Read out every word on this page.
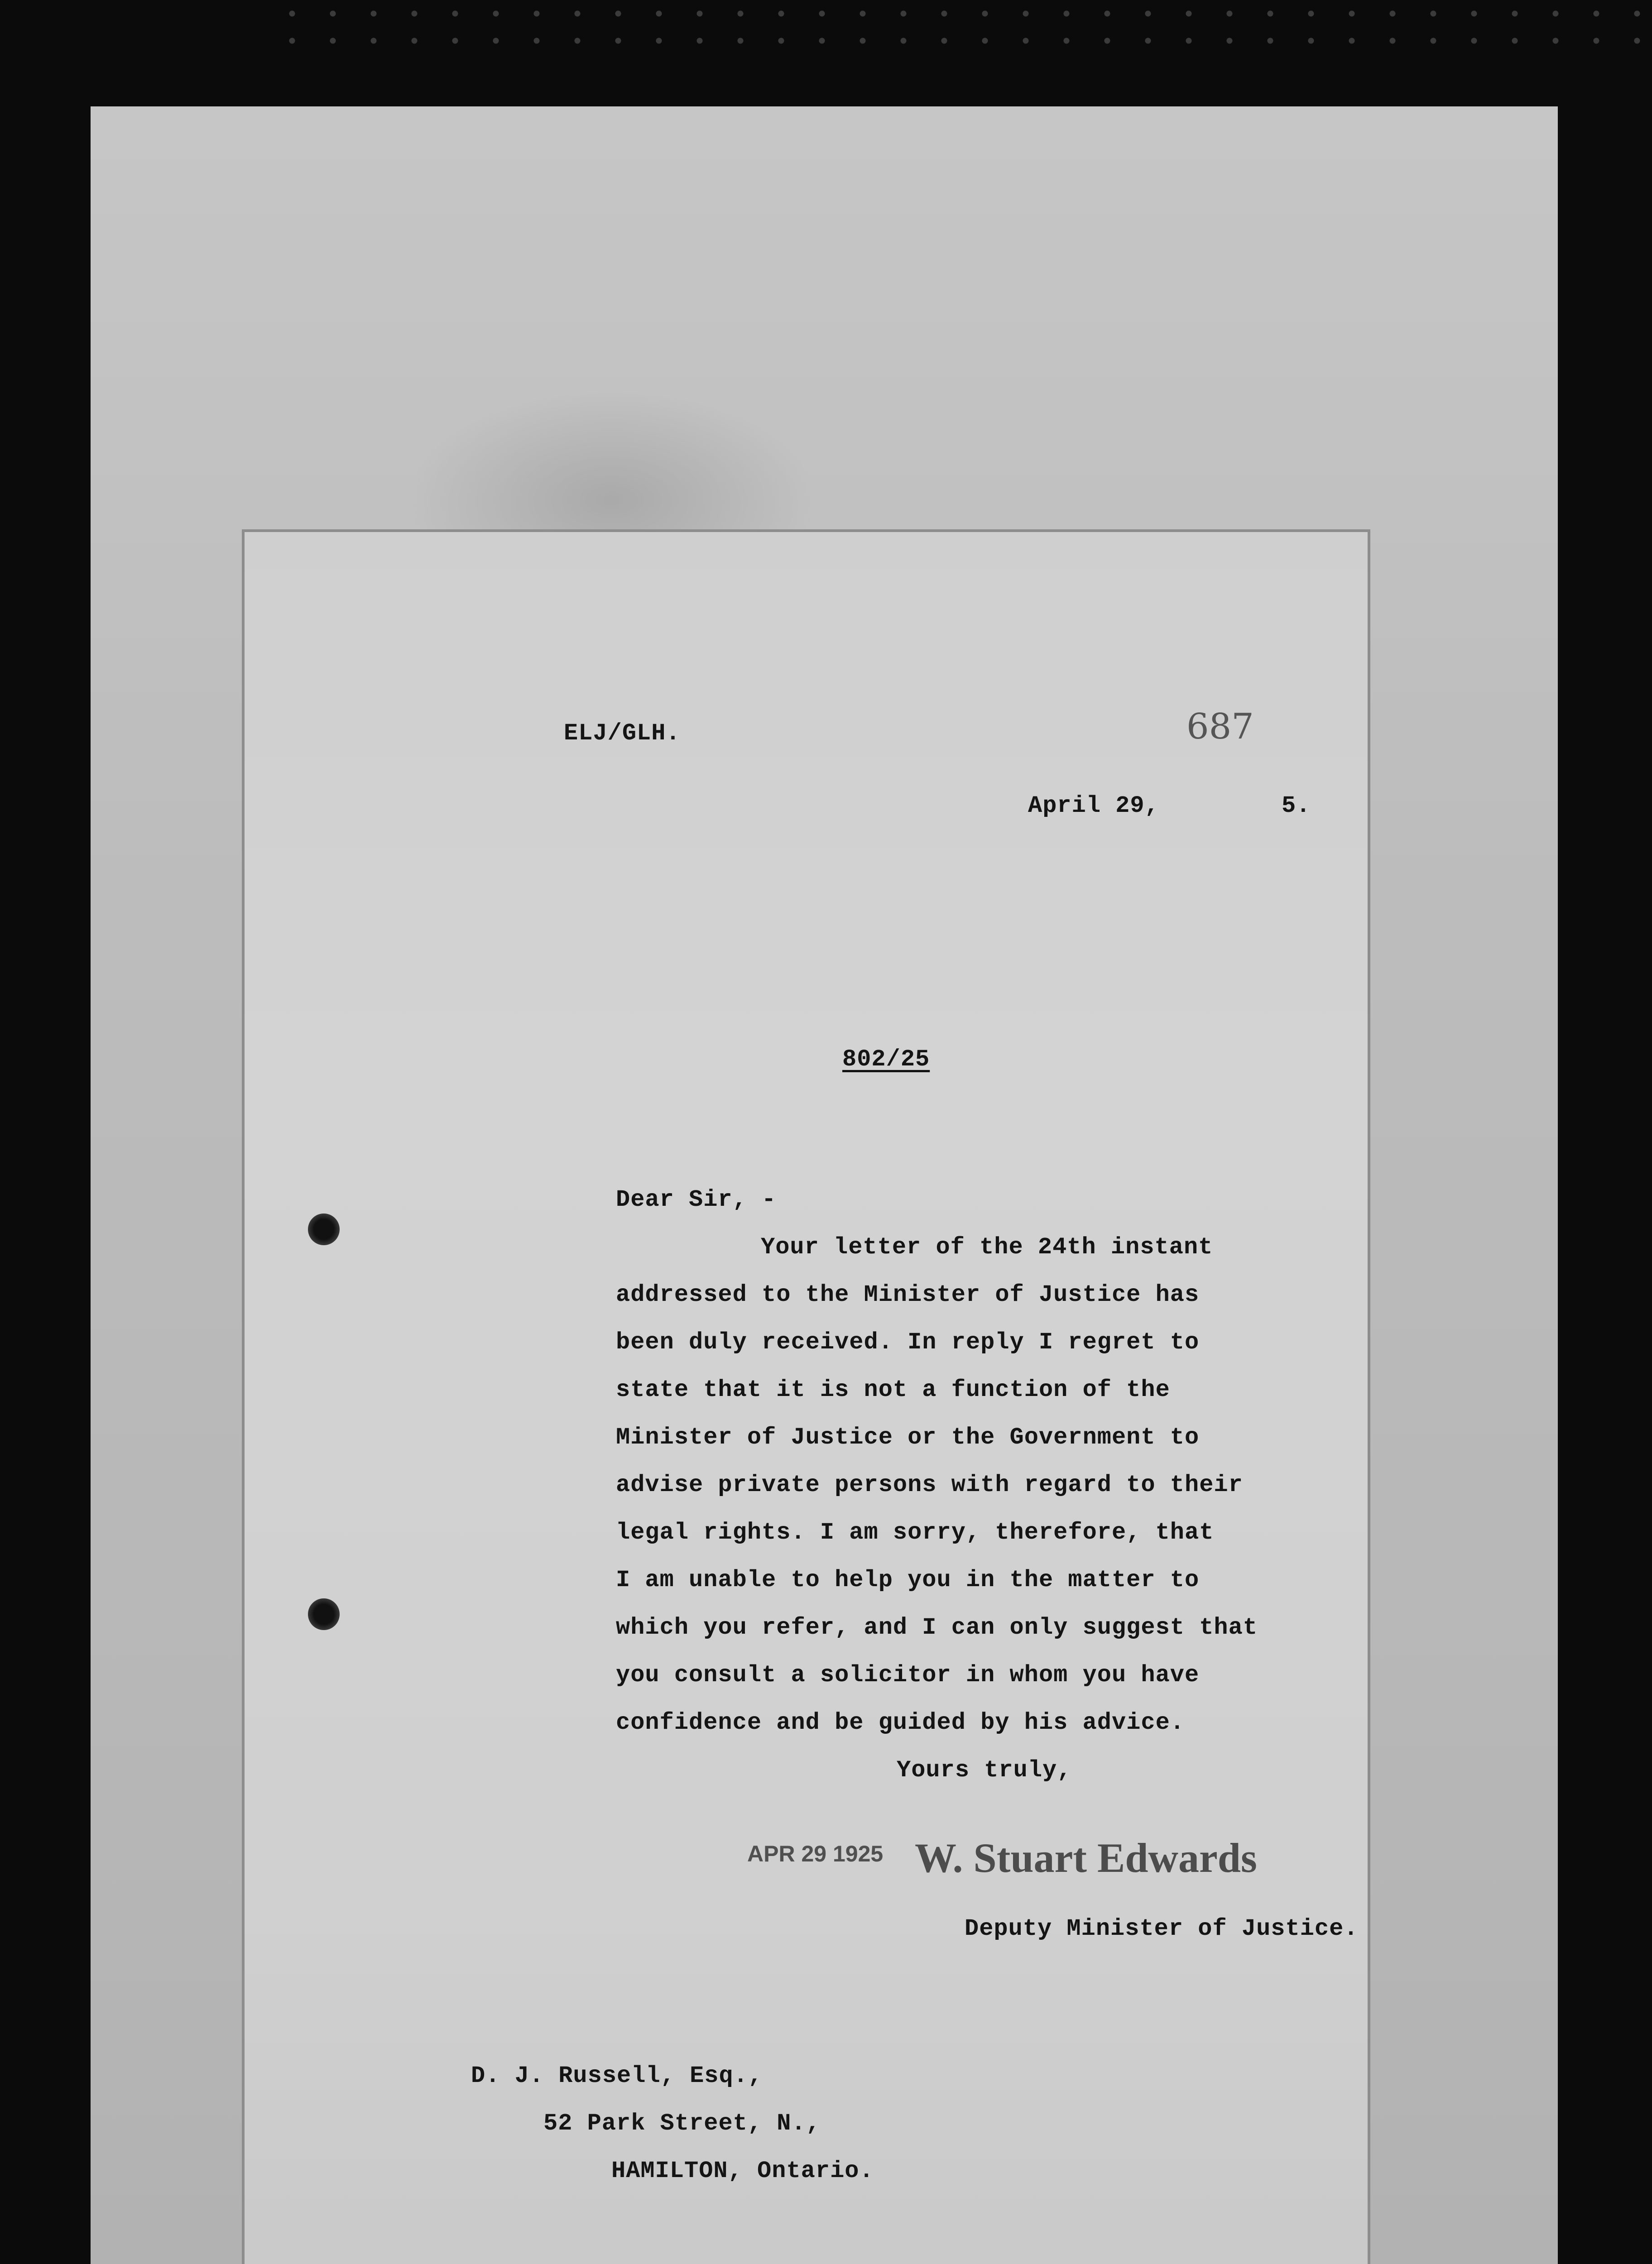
ELJ/GLH.	687
April 29,	5.
802/25
Dear Sir, -
Your letter of the 24th instant
addressed to the Minister of Justice has
been duly received. In reply I regret to
state that it is not a function of the
Minister of Justice or the Government to
advise private persons with regard to their
legal rights. I am sorry, therefore, that
I am unable to help you in the matter to
which you refer, and I can only suggest that
you consult a solicitor in whom you have
confidence and be guided by his advice.
Yours truly,
APR 29 1925 W. Stuart Edwards
Deputy Minister of Justice.
D. J. Russell, Esq.,
52 Park Street, N.,
HAMILTON, Ontario.
